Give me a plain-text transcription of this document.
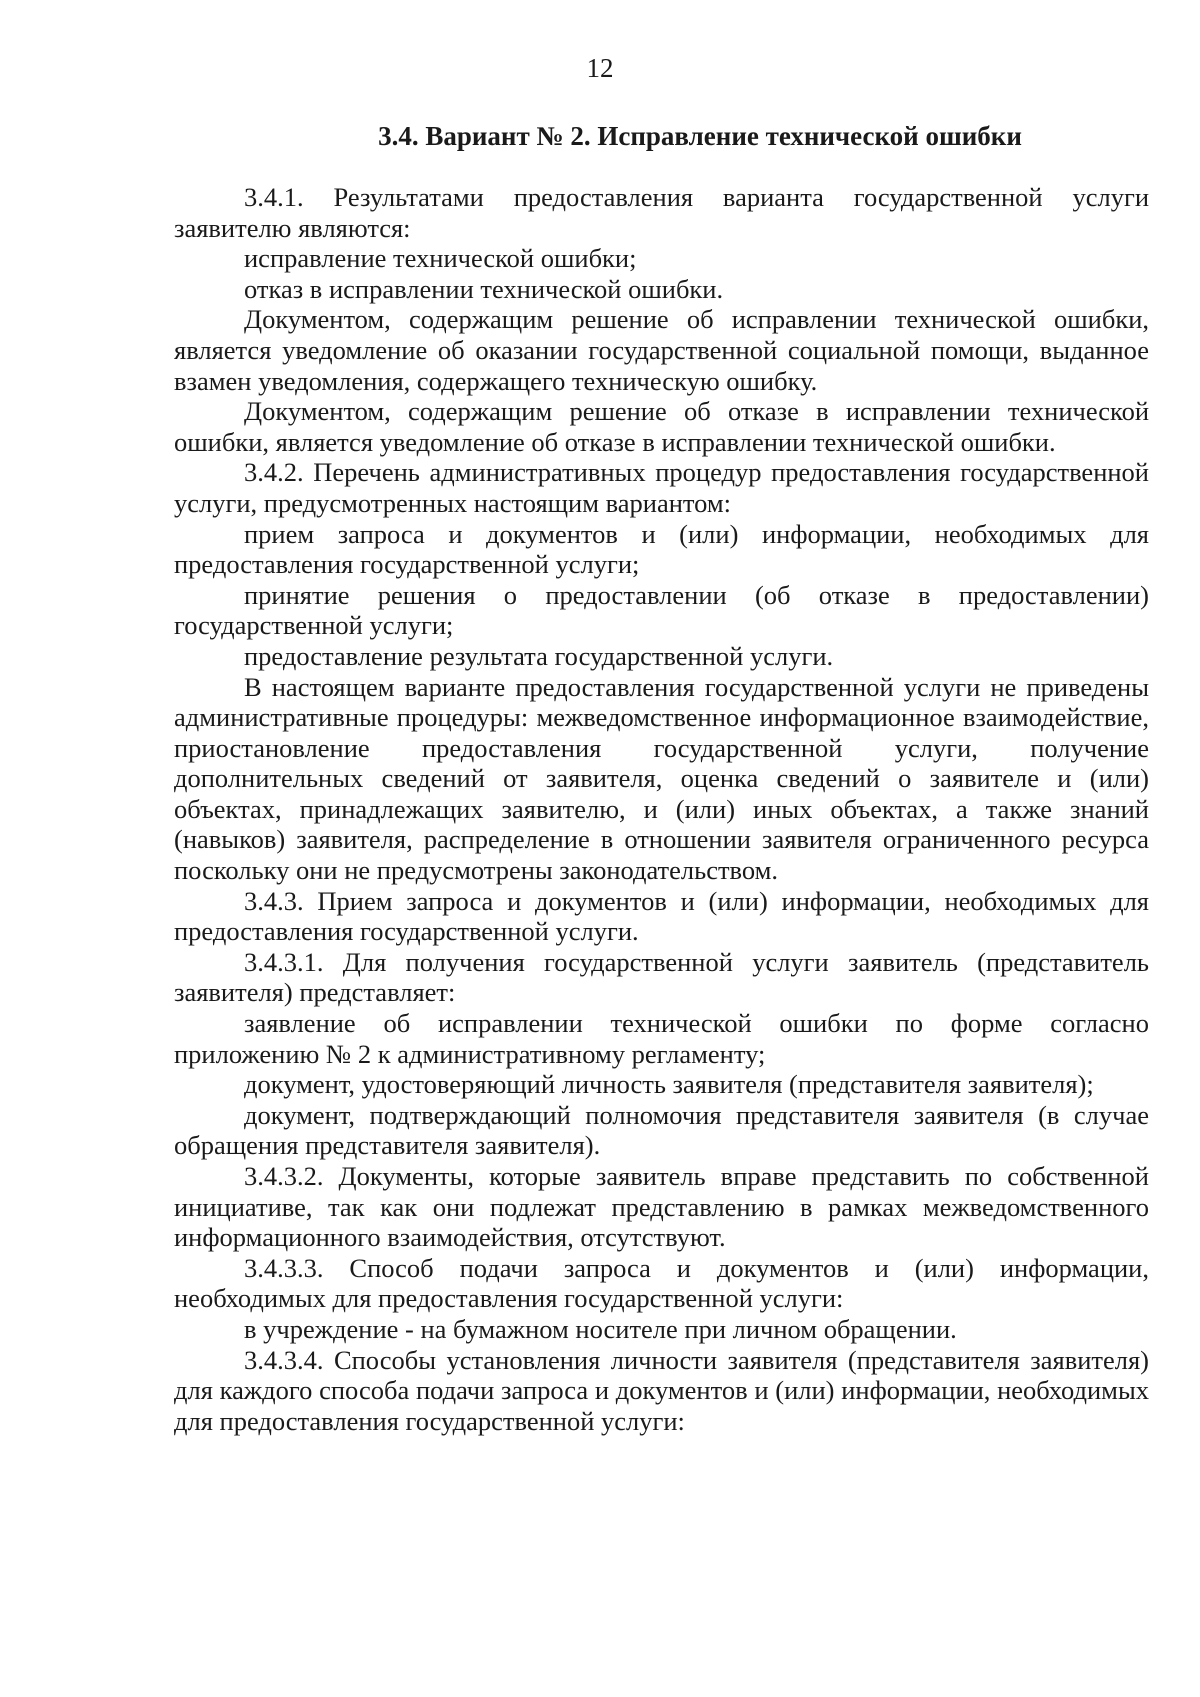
12
3.4. Вариант № 2. Исправление технической ошибки

3.4.1. Результатами предоставления варианта государственной услуги заявителю являются:

исправление технической ошибки;

отказ в исправлении технической ошибки.

Документом, содержащим решение об исправлении технической ошибки, является уведомление об оказании государственной социальной помощи, выданное взамен уведомления, содержащего техническую ошибку.

Документом, содержащим решение об отказе в исправлении технической ошибки, является уведомление об отказе в исправлении технической ошибки.

3.4.2. Перечень административных процедур предоставления государственной услуги, предусмотренных настоящим вариантом:

прием запроса и документов и (или) информации, необходимых для предоставления государственной услуги;

принятие решения о предоставлении (об отказе в предоставлении) государственной услуги;

предоставление результата государственной услуги.

В настоящем варианте предоставления государственной услуги не приведены административные процедуры: межведомственное информационное взаимодействие, приостановление предоставления государственной услуги, получение дополнительных сведений от заявителя, оценка сведений о заявителе и (или) объектах, принадлежащих заявителю, и (или) иных объектах, а также знаний (навыков) заявителя, распределение в отношении заявителя ограниченного ресурса поскольку они не предусмотрены законодательством.

3.4.3. Прием запроса и документов и (или) информации, необходимых для предоставления государственной услуги.

3.4.3.1. Для получения государственной услуги заявитель (представитель заявителя) представляет:

заявление об исправлении технической ошибки по форме согласно приложению № 2 к административному регламенту;

документ, удостоверяющий личность заявителя (представителя заявителя);

документ, подтверждающий полномочия представителя заявителя (в случае обращения представителя заявителя).

3.4.3.2. Документы, которые заявитель вправе представить по собственной инициативе, так как они подлежат представлению в рамках межведомственного информационного взаимодействия, отсутствуют.

3.4.3.3. Способ подачи запроса и документов и (или) информации, необходимых для предоставления государственной услуги:

в учреждение - на бумажном носителе при личном обращении.

3.4.3.4. Способы установления личности заявителя (представителя заявителя) для каждого способа подачи запроса и документов и (или) информации, необходимых для предоставления государственной услуги:
